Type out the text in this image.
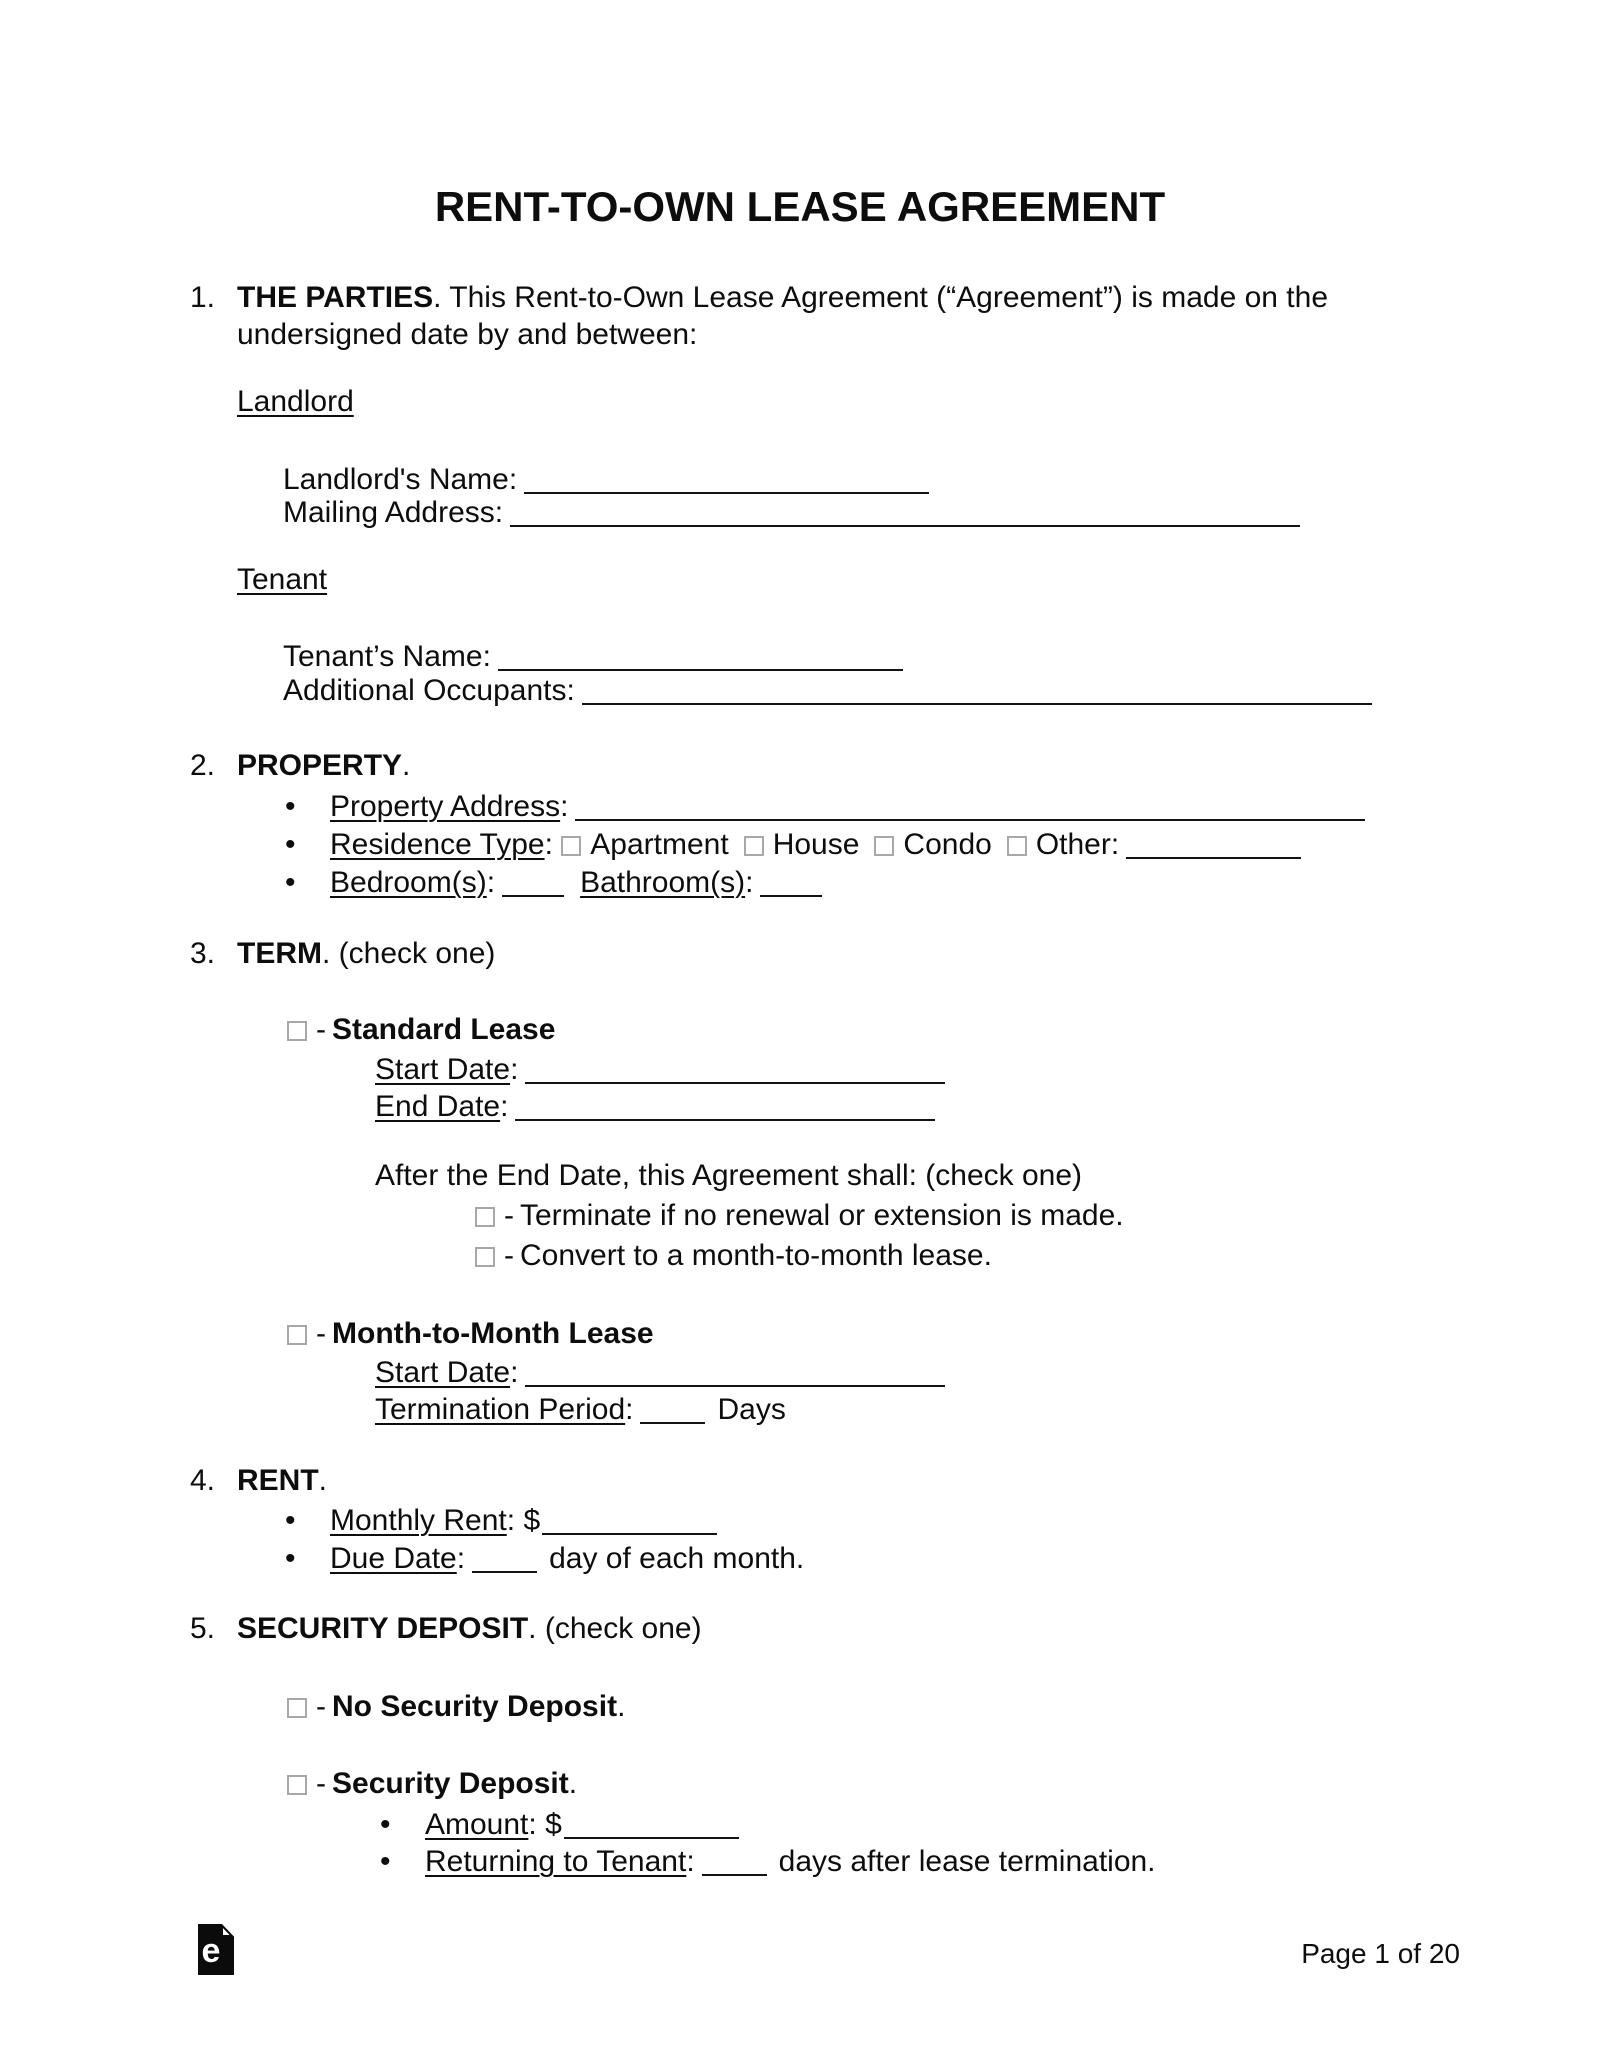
RENT-TO-OWN LEASE AGREEMENT
1. THE PARTIES. This Rent-to-Own Lease Agreement (“Agreement”) is made on the
undersigned date by and between:
Landlord
Landlord's Name:
Mailing Address:
Tenant
Tenant’s Name:
Additional Occupants:
2. PROPERTY.
• Property Address:
• Residence Type: Apartment House Condo Other:
• Bedroom(s):	Bathroom(s):
3. TERM. (check one)
- Standard Lease
Start Date:
End Date:
After the End Date, this Agreement shall: (check one)
- Terminate if no renewal or extension is made.
- Convert to a month-to-month lease.
- Month-to-Month Lease
Start Date:
Termination Period:	Days
4. RENT.
• Monthly Rent: $
• Due Date:	day of each month.
5. SECURITY DEPOSIT. (check one)
- No Security Deposit.
- Security Deposit.
• Amount: $
• Returning to Tenant:	days after lease termination.
e	Page 1 of 20
